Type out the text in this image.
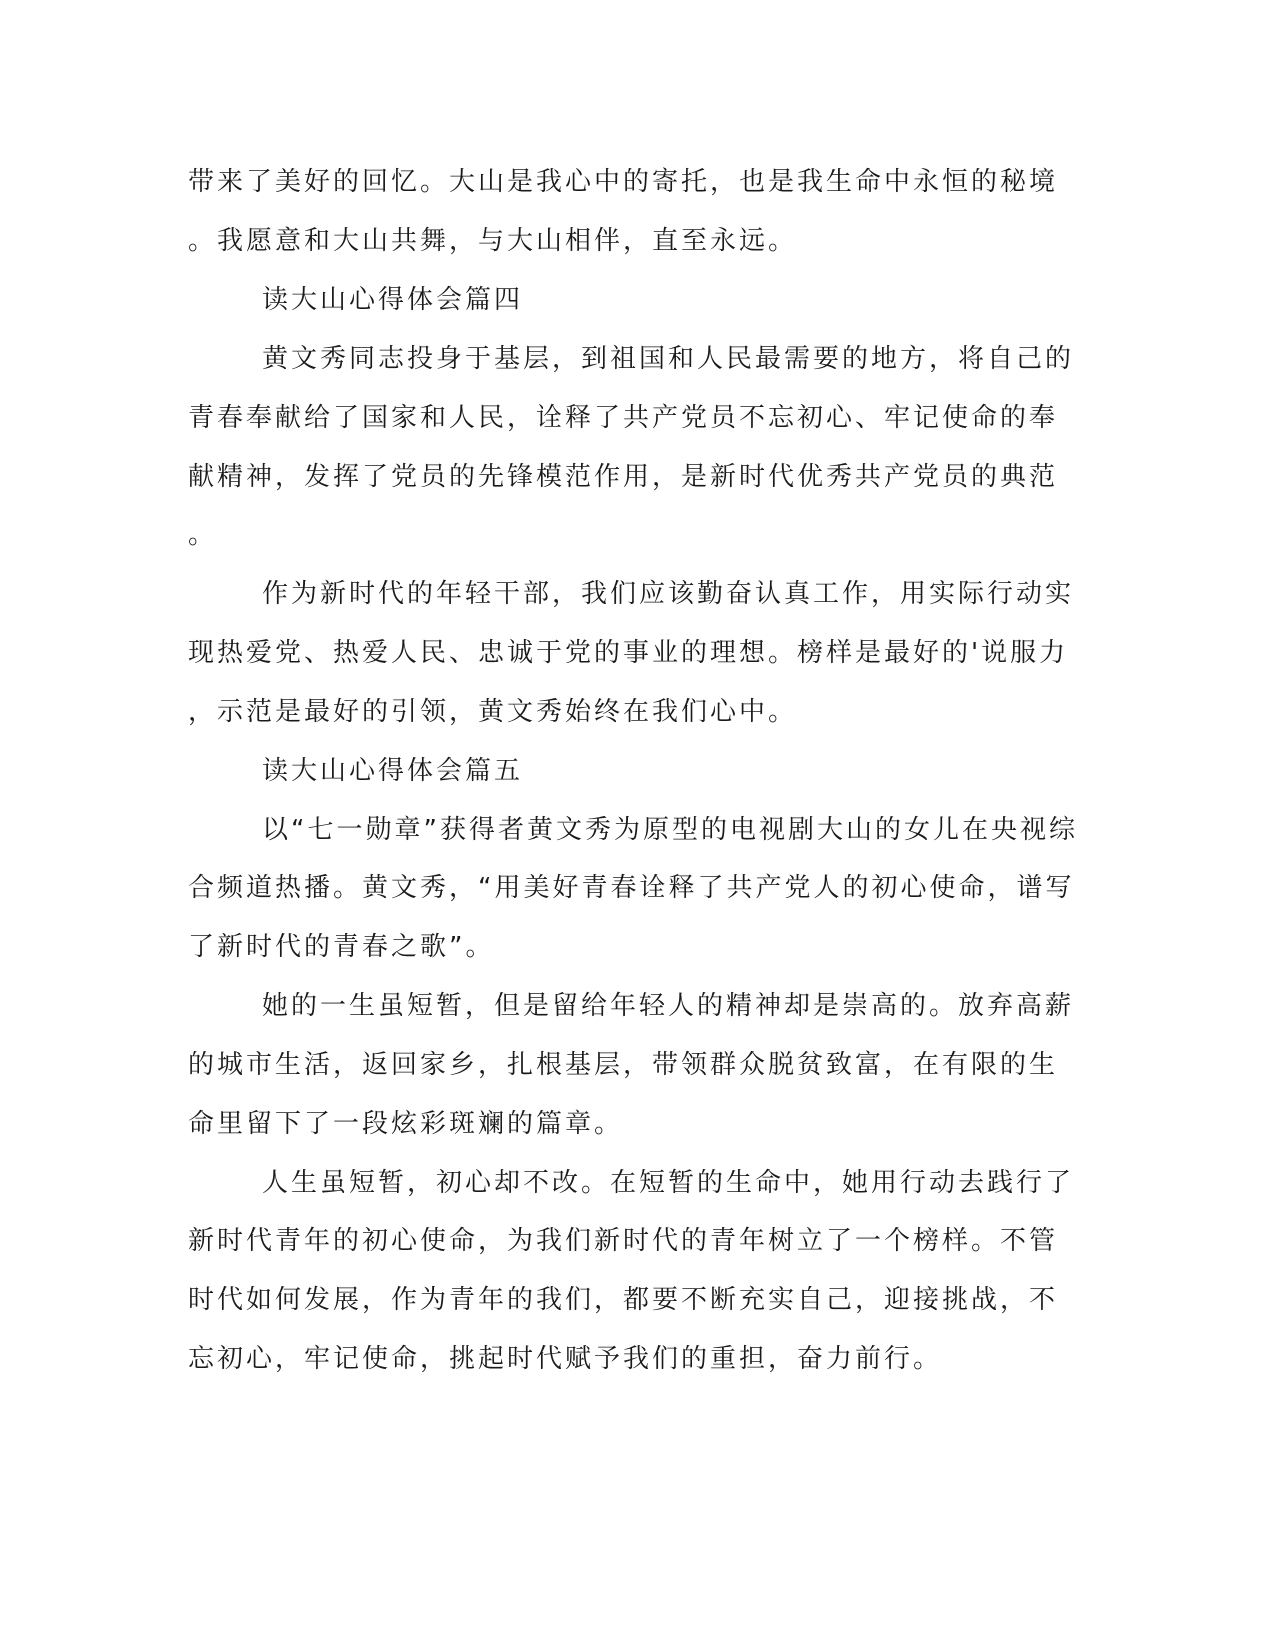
带来了美好的回忆。大山是我心中的寄托，也是我生命中永恒的秘境

。我愿意和大山共舞，与大山相伴，直至永远。

读大山心得体会篇四

黄文秀同志投身于基层，到祖国和人民最需要的地方，将自己的

青春奉献给了国家和人民，诠释了共产党员不忘初心、牢记使命的奉

献精神，发挥了党员的先锋模范作用，是新时代优秀共产党员的典范

。

作为新时代的年轻干部，我们应该勤奋认真工作，用实际行动实

现热爱党、热爱人民、忠诚于党的事业的理想。榜样是最好的'说服力

，示范是最好的引领，黄文秀始终在我们心中。

读大山心得体会篇五

以“七一勋章”获得者黄文秀为原型的电视剧大山的女儿在央视综

合频道热播。黄文秀，“用美好青春诠释了共产党人的初心使命，谱写

了新时代的青春之歌”。

她的一生虽短暂，但是留给年轻人的精神却是崇高的。放弃高薪

的城市生活，返回家乡，扎根基层，带领群众脱贫致富，在有限的生

命里留下了一段炫彩斑斓的篇章。

人生虽短暂，初心却不改。在短暂的生命中，她用行动去践行了

新时代青年的初心使命，为我们新时代的青年树立了一个榜样。不管

时代如何发展，作为青年的我们，都要不断充实自己，迎接挑战，不

忘初心，牢记使命，挑起时代赋予我们的重担，奋力前行。
